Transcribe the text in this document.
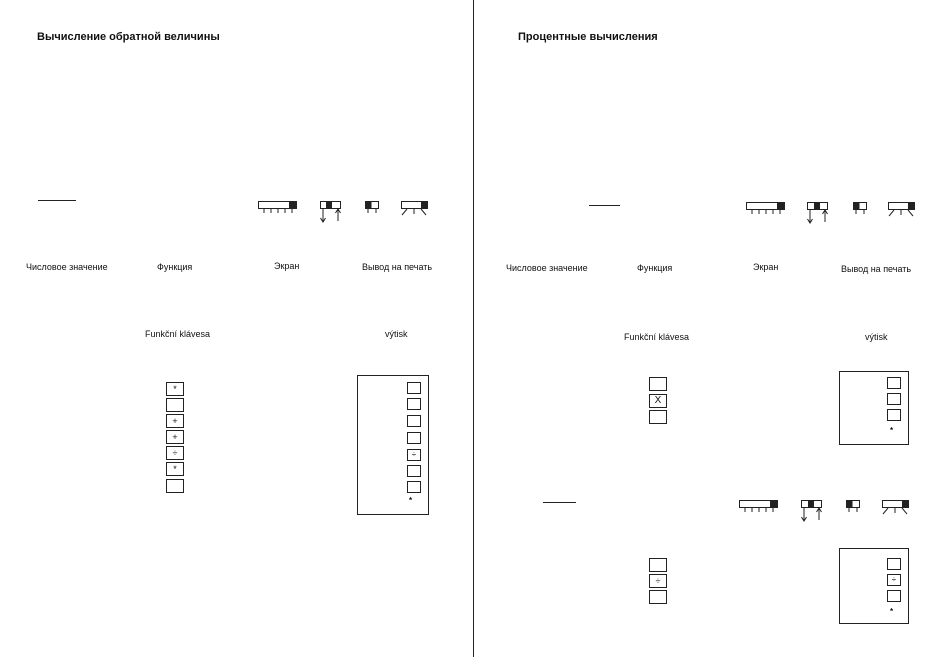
Вычисление обратной величины
Числовое значение	Функция	Экран	Вывод на печать
Funkční klávesa	výtisk
*
+
+
÷
*
÷
*
Процентные вычисления
Числовое значение	Функция	Экран	Вывод на печать
Funkční klávesa	výtisk
X
*
÷	÷
*
